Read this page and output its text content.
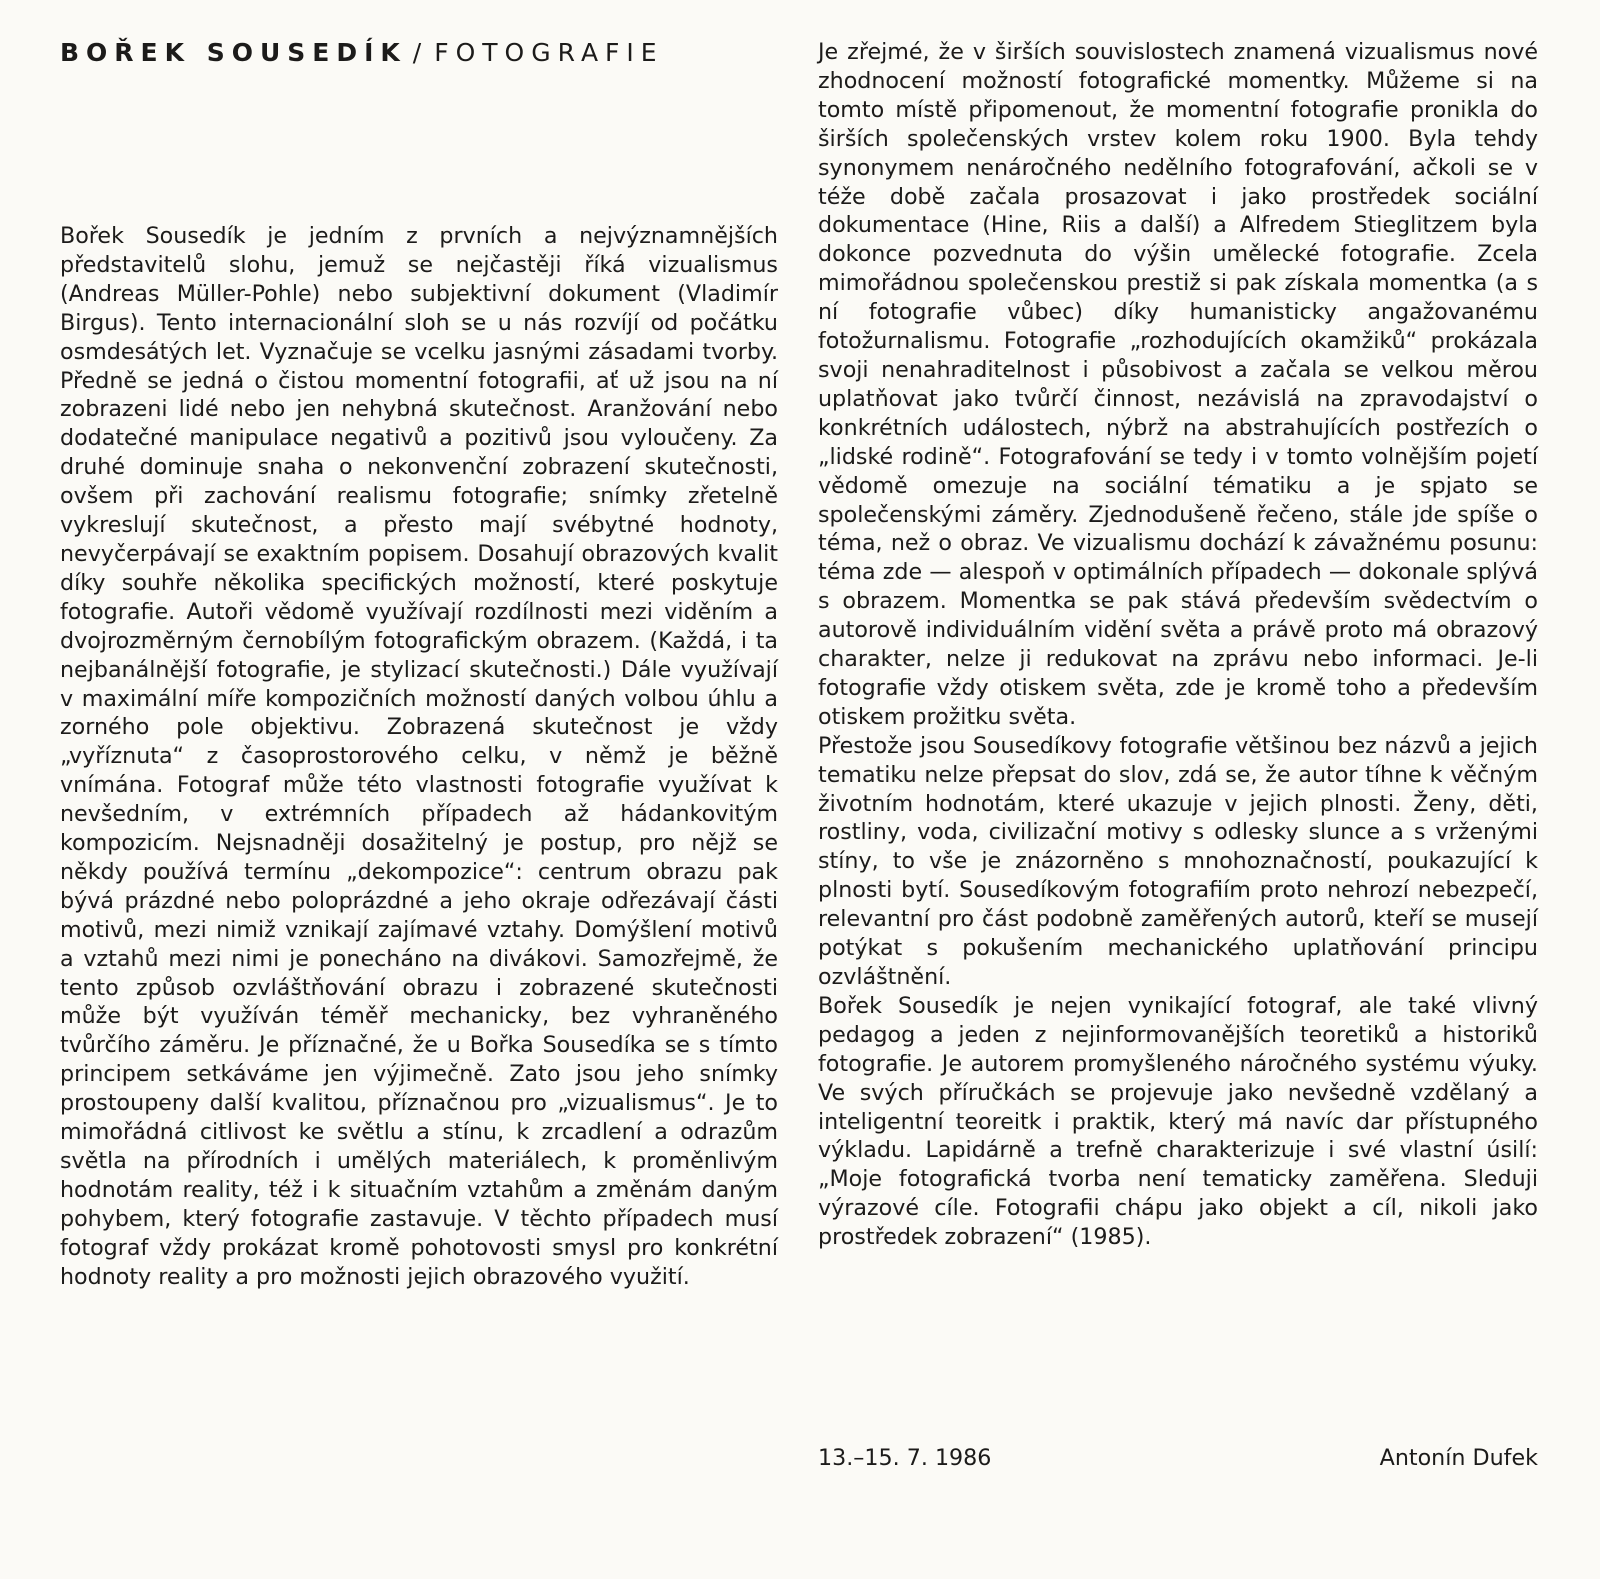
BOŘEK SOUSEDÍK / FOTOGRAFIE

Bořek Sousedík je jedním z prvních a nejvýznamnějších představitelů slohu, jemuž se nejčastěji říká vizualismus (Andreas Müller-Pohle) nebo subjektivní dokument (Vladimír Birgus). Tento internacionální sloh se u nás rozvíjí od počátku osmdesátých let. Vyznačuje se vcelku jasnými zásadami tvorby. Předně se jedná o čistou momentní fotografii, ať už jsou na ní zobrazeni lidé nebo jen nehybná skutečnost. Aranžování nebo dodatečné manipulace negativů a pozitivů jsou vyloučeny. Za druhé dominuje snaha o nekonvenční zobrazení skutečnosti, ovšem při zachování realismu fotografie; snímky zřetelně vykreslují skutečnost, a přesto mají svébytné hodnoty, nevyčerpávají se exaktním popisem. Dosahují obrazových kvalit díky souhře několika specifických možností, které poskytuje fotografie. Autoři vědomě využívají rozdílnosti mezi viděním a dvojrozměrným černobílým fotografickým obrazem. (Každá, i ta nejbanálnější fotografie, je stylizací skutečnosti.) Dále využívají v maximální míře kompozičních možností daných volbou úhlu a zorného pole objektivu. Zobrazená skutečnost je vždy „vyříznuta“ z časoprostorového celku, v němž je běžně vnímána. Fotograf může této vlastnosti fotografie využívat k nevšedním, v extrémních případech až hádankovitým kompozicím. Nejsnadněji dosažitelný je postup, pro nějž se někdy používá termínu „dekompozice“: centrum obrazu pak bývá prázdné nebo poloprázdné a jeho okraje odřezávají části motivů, mezi nimiž vznikají zajímavé vztahy. Domýšlení motivů a vztahů mezi nimi je ponecháno na divákovi. Samozřejmě, že tento způsob ozvláštňování obrazu i zobrazené skutečnosti může být využíván téměř mechanicky, bez vyhraněného tvůrčího záměru. Je příznačné, že u Bořka Sousedíka se s tímto principem setkáváme jen výjimečně. Zato jsou jeho snímky prostoupeny další kvalitou, příznačnou pro „vizualismus“. Je to mimořádná citlivost ke světlu a stínu, k zrcadlení a odrazům světla na přírodních i umělých materiálech, k proměnlivým hodnotám reality, též i k situačním vztahům a změnám daným pohybem, který fotografie zastavuje. V těchto případech musí fotograf vždy prokázat kromě pohotovosti smysl pro konkrétní hodnoty reality a pro možnosti jejich obrazového využití.

Je zřejmé, že v širších souvislostech znamená vizualismus nové zhodnocení možností fotografické momentky. Můžeme si na tomto místě připomenout, že momentní fotografie pronikla do širších společenských vrstev kolem roku 1900. Byla tehdy synonymem nenáročného nedělního fotografování, ačkoli se v téže době začala prosazovat i jako prostředek sociální dokumentace (Hine, Riis a další) a Alfredem Stieglitzem byla dokonce pozvednuta do výšin umělecké fotografie. Zcela mimořádnou společenskou prestiž si pak získala momentka (a s ní fotografie vůbec) díky humanisticky angažovanému fotožurnalismu. Fotografie „rozhodujících okamžiků“ prokázala svoji nenahraditelnost i působivost a začala se velkou měrou uplatňovat jako tvůrčí činnost, nezávislá na zpravodajství o konkrétních událostech, nýbrž na abstrahujících postřezích o „lidské rodině“. Fotografování se tedy i v tomto volnějším pojetí vědomě omezuje na sociální tématiku a je spjato se společenskými záměry. Zjednodušeně řečeno, stále jde spíše o téma, než o obraz. Ve vizualismu dochází k závažnému posunu: téma zde — alespoň v optimálních případech — dokonale splývá s obrazem. Momentka se pak stává především svědectvím o autorově individuálním vidění světa a právě proto má obrazový charakter, nelze ji redukovat na zprávu nebo informaci. Je-li fotografie vždy otiskem světa, zde je kromě toho a především otiskem prožitku světa.

Přestože jsou Sousedíkovy fotografie většinou bez názvů a jejich tematiku nelze přepsat do slov, zdá se, že autor tíhne k věčným životním hodnotám, které ukazuje v jejich plnosti. Ženy, děti, rostliny, voda, civilizační motivy s odlesky slunce a s vrženými stíny, to vše je znázorněno s mnohoznačností, poukazující k plnosti bytí. Sousedíkovým fotografiím proto nehrozí nebezpečí, relevantní pro část podobně zaměřených autorů, kteří se musejí potýkat s pokušením mechanického uplatňování principu ozvláštnění.

Bořek Sousedík je nejen vynikající fotograf, ale také vlivný pedagog a jeden z nejinformovanějších teoretiků a historiků fotografie. Je autorem promyšleného náročného systému výuky. Ve svých příručkách se projevuje jako nevšedně vzdělaný a inteligentní teoreitk i praktik, který má navíc dar přístupného výkladu. Lapidárně a trefně charakterizuje i své vlastní úsilí: „Moje fotografická tvorba není tematicky zaměřena. Sleduji výrazové cíle. Fotografii chápu jako objekt a cíl, nikoli jako prostředek zobrazení“ (1985).

13.–15. 7. 1986	Antonín Dufek
